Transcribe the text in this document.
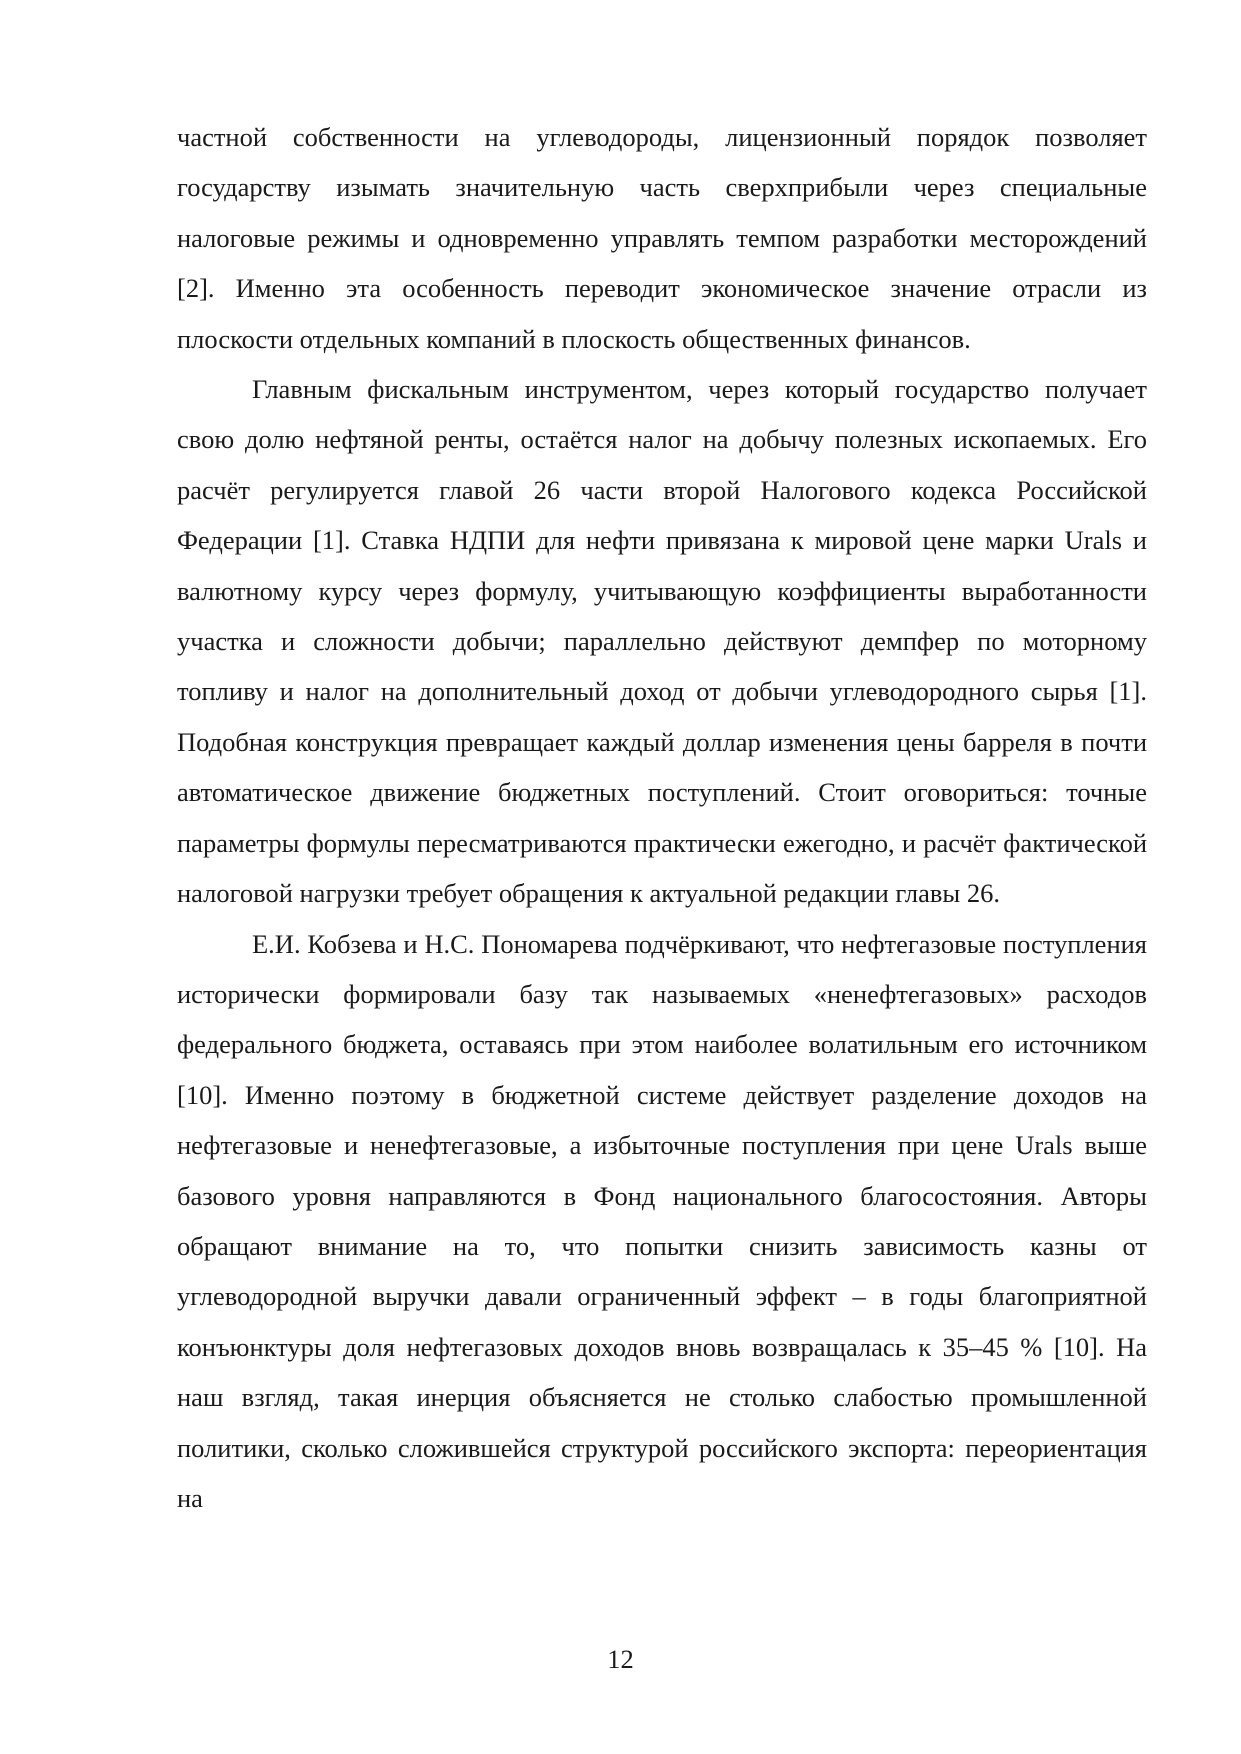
частной собственности на углеводороды, лицензионный порядок позволяет государству изымать значительную часть сверхприбыли через специальные налоговые режимы и одновременно управлять темпом разработки месторождений [2]. Именно эта особенность переводит экономическое значение отрасли из плоскости отдельных компаний в плоскость общественных финансов.

Главным фискальным инструментом, через который государство получает свою долю нефтяной ренты, остаётся налог на добычу полезных ископаемых. Его расчёт регулируется главой 26 части второй Налогового кодекса Российской Федерации [1]. Ставка НДПИ для нефти привязана к мировой цене марки Urals и валютному курсу через формулу, учитывающую коэффициенты выработанности участка и сложности добычи; параллельно действуют демпфер по моторному топливу и налог на дополнительный доход от добычи углеводородного сырья [1]. Подобная конструкция превращает каждый доллар изменения цены барреля в почти автоматическое движение бюджетных поступлений. Стоит оговориться: точные параметры формулы пересматриваются практически ежегодно, и расчёт фактической налоговой нагрузки требует обращения к актуальной редакции главы 26.

Е.И. Кобзева и Н.С. Пономарева подчёркивают, что нефтегазовые поступления исторически формировали базу так называемых «ненефтегазовых» расходов федерального бюджета, оставаясь при этом наиболее волатильным его источником [10]. Именно поэтому в бюджетной системе действует разделение доходов на нефтегазовые и ненефтегазовые, а избыточные поступления при цене Urals выше базового уровня направляются в Фонд национального благосостояния. Авторы обращают внимание на то, что попытки снизить зависимость казны от углеводородной выручки давали ограниченный эффект – в годы благоприятной конъюнктуры доля нефтегазовых доходов вновь возвращалась к 35–45 % [10]. На наш взгляд, такая инерция объясняется не столько слабостью промышленной политики, сколько сложившейся структурой российского экспорта: переориентация на

12
